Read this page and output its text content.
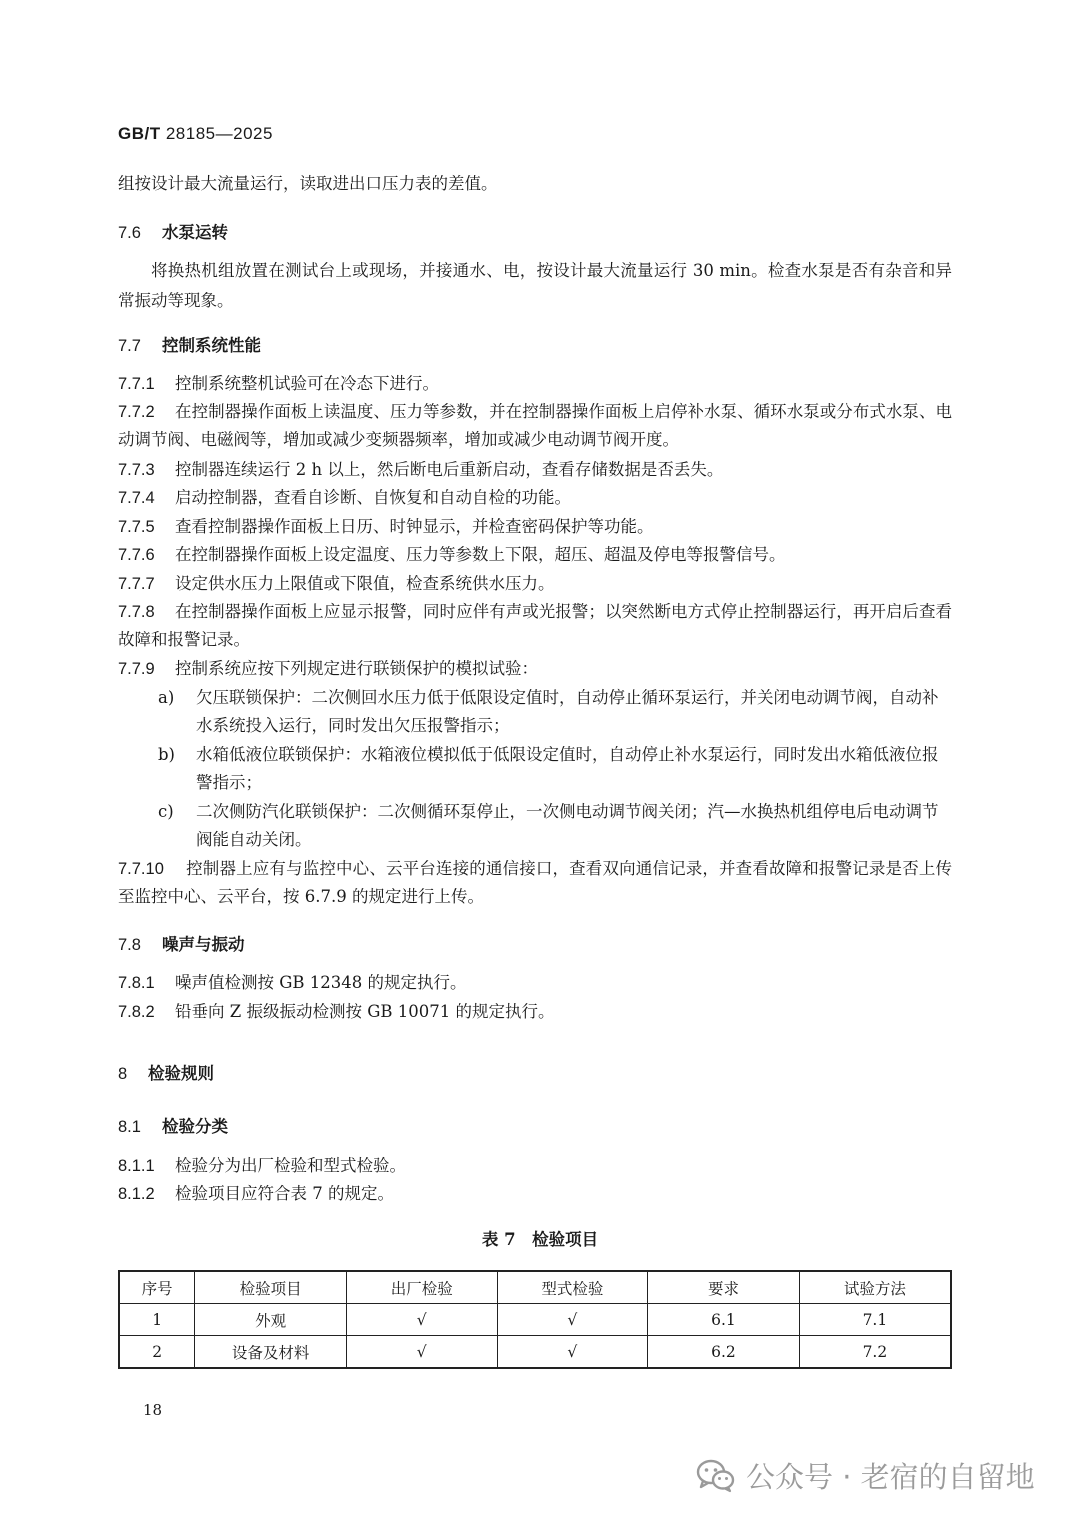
GB/T 28185—2025
组按设计最大流量运行，读取进出口压力表的差值。
7.6 水泵运转
将换热机组放置在测试台上或现场，并接通水、电，按设计最大流量运行 30 min。检查水泵是否有杂音和异常振动等现象。
7.7 控制系统性能
7.7.1 控制系统整机试验可在冷态下进行。
7.7.2 在控制器操作面板上读温度、压力等参数，并在控制器操作面板上启停补水泵、循环水泵或分布式水泵、电动调节阀、电磁阀等，增加或减少变频器频率，增加或减少电动调节阀开度。
7.7.3 控制器连续运行 2 h 以上，然后断电后重新启动，查看存储数据是否丢失。
7.7.4 启动控制器，查看自诊断、自恢复和自动自检的功能。
7.7.5 查看控制器操作面板上日历、时钟显示，并检查密码保护等功能。
7.7.6 在控制器操作面板上设定温度、压力等参数上下限，超压、超温及停电等报警信号。
7.7.7 设定供水压力上限值或下限值，检查系统供水压力。
7.7.8 在控制器操作面板上应显示报警，同时应伴有声或光报警；以突然断电方式停止控制器运行，再开启后查看故障和报警记录。
7.7.9 控制系统应按下列规定进行联锁保护的模拟试验：
a) 欠压联锁保护：二次侧回水压力低于低限设定值时，自动停止循环泵运行，并关闭电动调节阀，自动补水系统投入运行，同时发出欠压报警指示；
b) 水箱低液位联锁保护：水箱液位模拟低于低限设定值时，自动停止补水泵运行，同时发出水箱低液位报警指示；
c) 二次侧防汽化联锁保护：二次侧循环泵停止，一次侧电动调节阀关闭；汽—水换热机组停电后电动调节阀能自动关闭。
7.7.10 控制器上应有与监控中心、云平台连接的通信接口，查看双向通信记录，并查看故障和报警记录是否上传至监控中心、云平台，按 6.7.9 的规定进行上传。
7.8 噪声与振动
7.8.1 噪声值检测按 GB 12348 的规定执行。
7.8.2 铅垂向 Z 振级振动检测按 GB 10071 的规定执行。
8 检验规则
8.1 检验分类
8.1.1 检验分为出厂检验和型式检验。
8.1.2 检验项目应符合表 7 的规定。
表 7　检验项目
序号	检验项目	出厂检验	型式检验	要求	试验方法
1	外观	√	√	6.1	7.1
2	设备及材料	√	√	6.2	7.2
18
公众号 · 老宿的自留地
